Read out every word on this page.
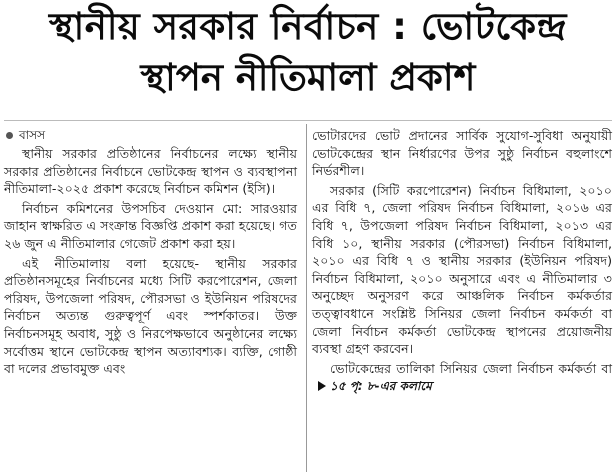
স্থানীয় সরকার নির্বাচন : ভোটকেন্দ্র
স্থাপন নীতিমালা প্রকাশ

বাসস

স্থানীয় সরকার প্রতিষ্ঠানের নির্বাচনের লক্ষ্যে স্থানীয় সরকার প্রতিষ্ঠানের নির্বাচনে ভোটকেন্দ্র স্থাপন ও ব্যবস্থাপনা নীতিমালা-২০২৫ প্রকাশ করেছে নির্বাচন কমিশন (ইসি)।

নির্বাচন কমিশনের উপসচিব দেওয়ান মো: সারওয়ার জাহান স্বাক্ষরিত এ সংক্রান্ত বিজ্ঞপ্তি প্রকাশ করা হয়েছে। গত ২৬ জুন এ নীতিমালার গেজেট প্রকাশ করা হয়।

এই নীতিমালায় বলা হয়েছে- স্থানীয় সরকার প্রতিষ্ঠানসমূহের নির্বাচনের মধ্যে সিটি করপোরেশন, জেলা পরিষদ, উপজেলা পরিষদ, পৌরসভা ও ইউনিয়ন পরিষদের নির্বাচন অত্যন্ত গুরুত্বপূর্ণ এবং স্পর্শকাতর। উক্ত নির্বাচনসমূহ অবাধ, সুষ্ঠু ও নিরপেক্ষভাবে অনুষ্ঠানের লক্ষ্যে সর্বোত্তম স্থানে ভোটকেন্দ্র স্থাপন অত্যাবশ্যক। ব্যক্তি, গোষ্ঠী বা দলের প্রভাবমুক্ত এবং

ভোটারদের ভোট প্রদানের সার্বিক সুযোগ-সুবিধা অনুযায়ী ভোটকেন্দ্রের স্থান নির্ধারণের উপর সুষ্ঠু নির্বাচন বহুলাংশে নির্ভরশীল।

সরকার (সিটি করপোরেশন) নির্বাচন বিধিমালা, ২০১০ এর বিধি ৭, জেলা পরিষদ নির্বাচন বিধিমালা, ২০১৬ এর বিধি ৭, উপজেলা পরিষদ নির্বাচন বিধিমালা, ২০১৩ এর বিধি ১০, স্থানীয় সরকার (পৌরসভা) নির্বাচন বিধিমালা, ২০১০ এর বিধি ৭ ও স্থানীয় সরকার (ইউনিয়ন পরিষদ) নির্বাচন বিধিমালা, ২০১০ অনুসারে এবং এ নীতিমালার ৩ অনুচ্ছেদ অনুসরণ করে আঞ্চলিক নির্বাচন কর্মকর্তার তত্ত্বাবধানে সংশ্লিষ্ট সিনিয়র জেলা নির্বাচন কর্মকর্তা বা জেলা নির্বাচন কর্মকর্তা ভোটকেন্দ্র স্থাপনের প্রয়োজনীয় ব্যবস্থা গ্রহণ করবেন।

ভোটকেন্দ্রের তালিকা সিনিয়র জেলা নির্বাচন কর্মকর্তা বা১৫ পৃ: ৮-এর কলামে
